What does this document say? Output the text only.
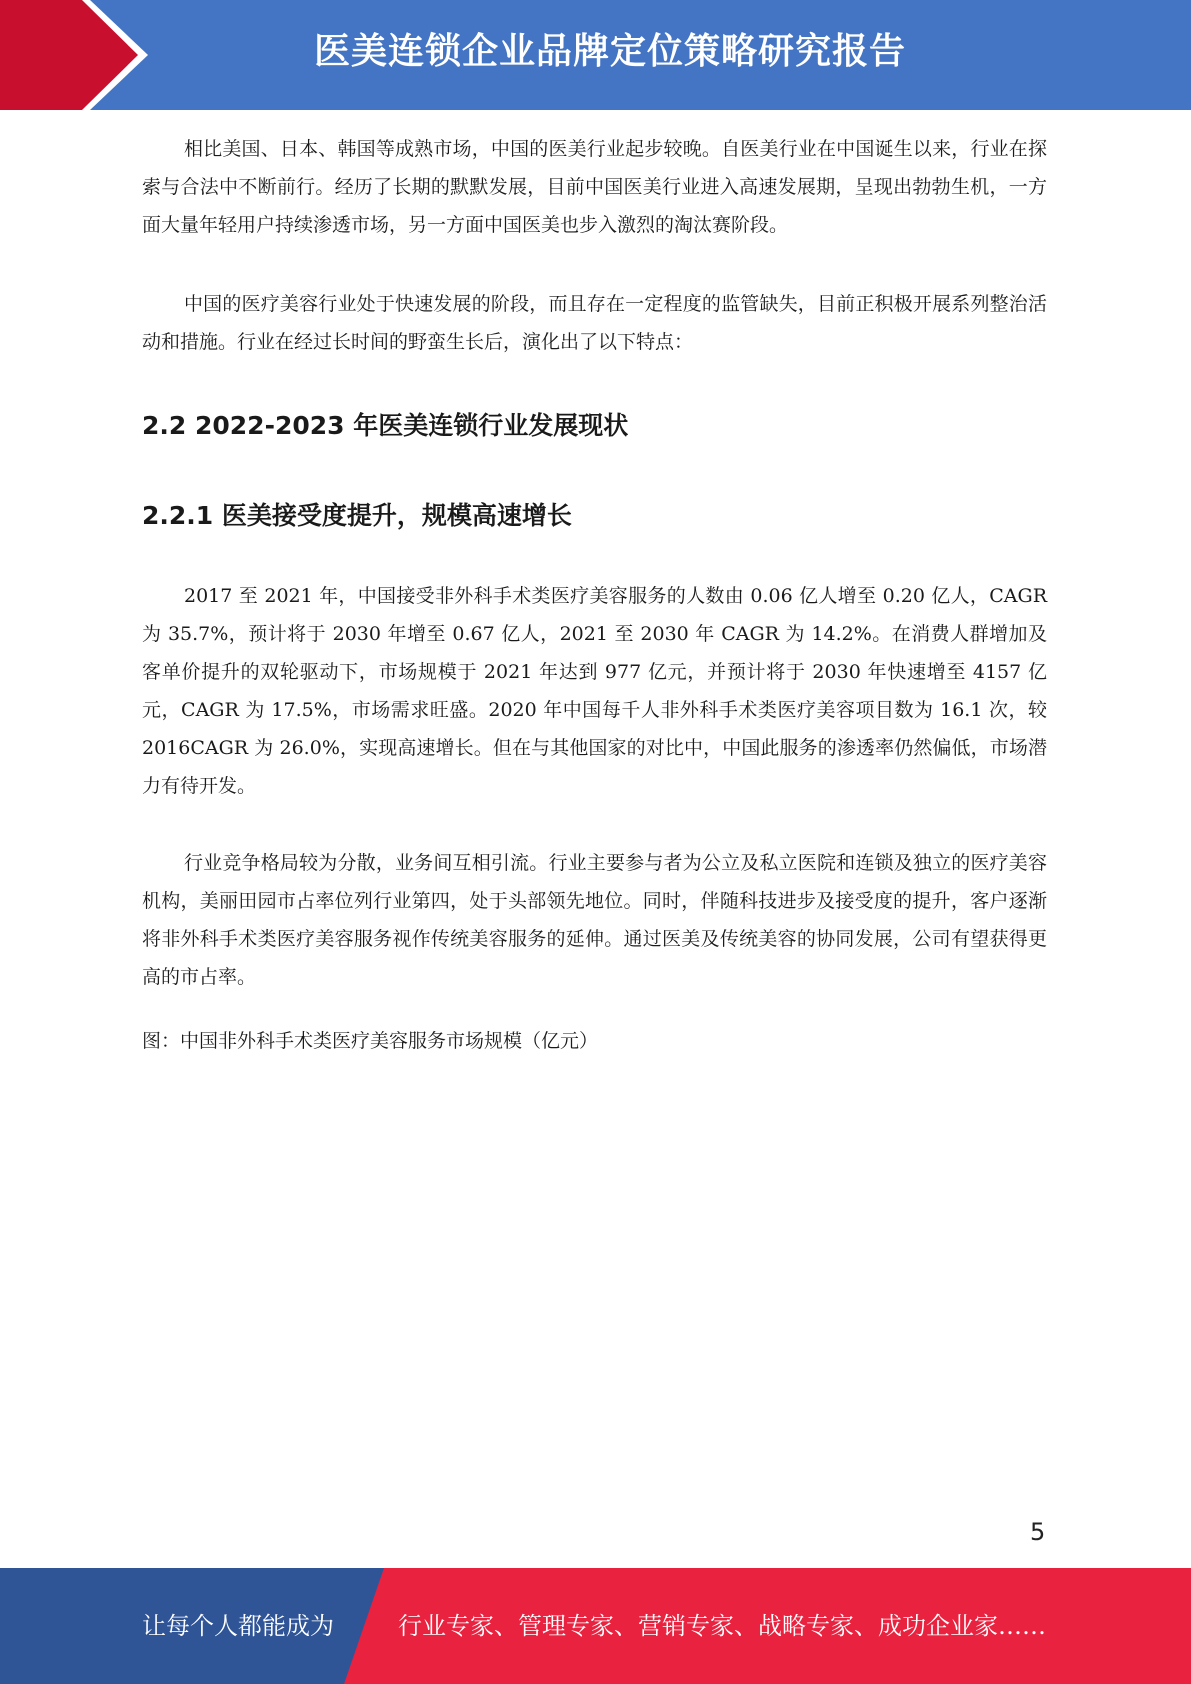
医美连锁企业品牌定位策略研究报告

相比美国、日本、韩国等成熟市场，中国的医美行业起步较晚。自医美行业在中国诞生以来，行业在探索与合法中不断前行。经历了长期的默默发展，目前中国医美行业进入高速发展期，呈现出勃勃生机，一方面大量年轻用户持续渗透市场，另一方面中国医美也步入激烈的淘汰赛阶段。

中国的医疗美容行业处于快速发展的阶段，而且存在一定程度的监管缺失，目前正积极开展系列整治活动和措施。行业在经过长时间的野蛮生长后，演化出了以下特点：

2.2 2022-2023 年医美连锁行业发展现状
2.2.1 医美接受度提升，规模高速增长

2017 至 2021 年，中国接受非外科手术类医疗美容服务的人数由 0.06 亿人增至 0.20 亿人，CAGR 为 35.7%，预计将于 2030 年增至 0.67 亿人，2021 至 2030 年 CAGR 为 14.2%。在消费人群增加及客单价提升的双轮驱动下，市场规模于 2021 年达到 977 亿元，并预计将于 2030 年快速增至 4157 亿元，CAGR 为 17.5%，市场需求旺盛。2020 年中国每千人非外科手术类医疗美容项目数为 16.1 次，较 2016CAGR 为 26.0%，实现高速增长。但在与其他国家的对比中，中国此服务的渗透率仍然偏低，市场潜力有待开发。

行业竞争格局较为分散，业务间互相引流。行业主要参与者为公立及私立医院和连锁及独立的医疗美容机构，美丽田园市占率位列行业第四，处于头部领先地位。同时，伴随科技进步及接受度的提升，客户逐渐将非外科手术类医疗美容服务视作传统美容服务的延伸。通过医美及传统美容的协同发展，公司有望获得更高的市占率。

图：中国非外科手术类医疗美容服务市场规模（亿元）

5
让每个人都能成为	行业专家、管理专家、营销专家、战略专家、成功企业家……
